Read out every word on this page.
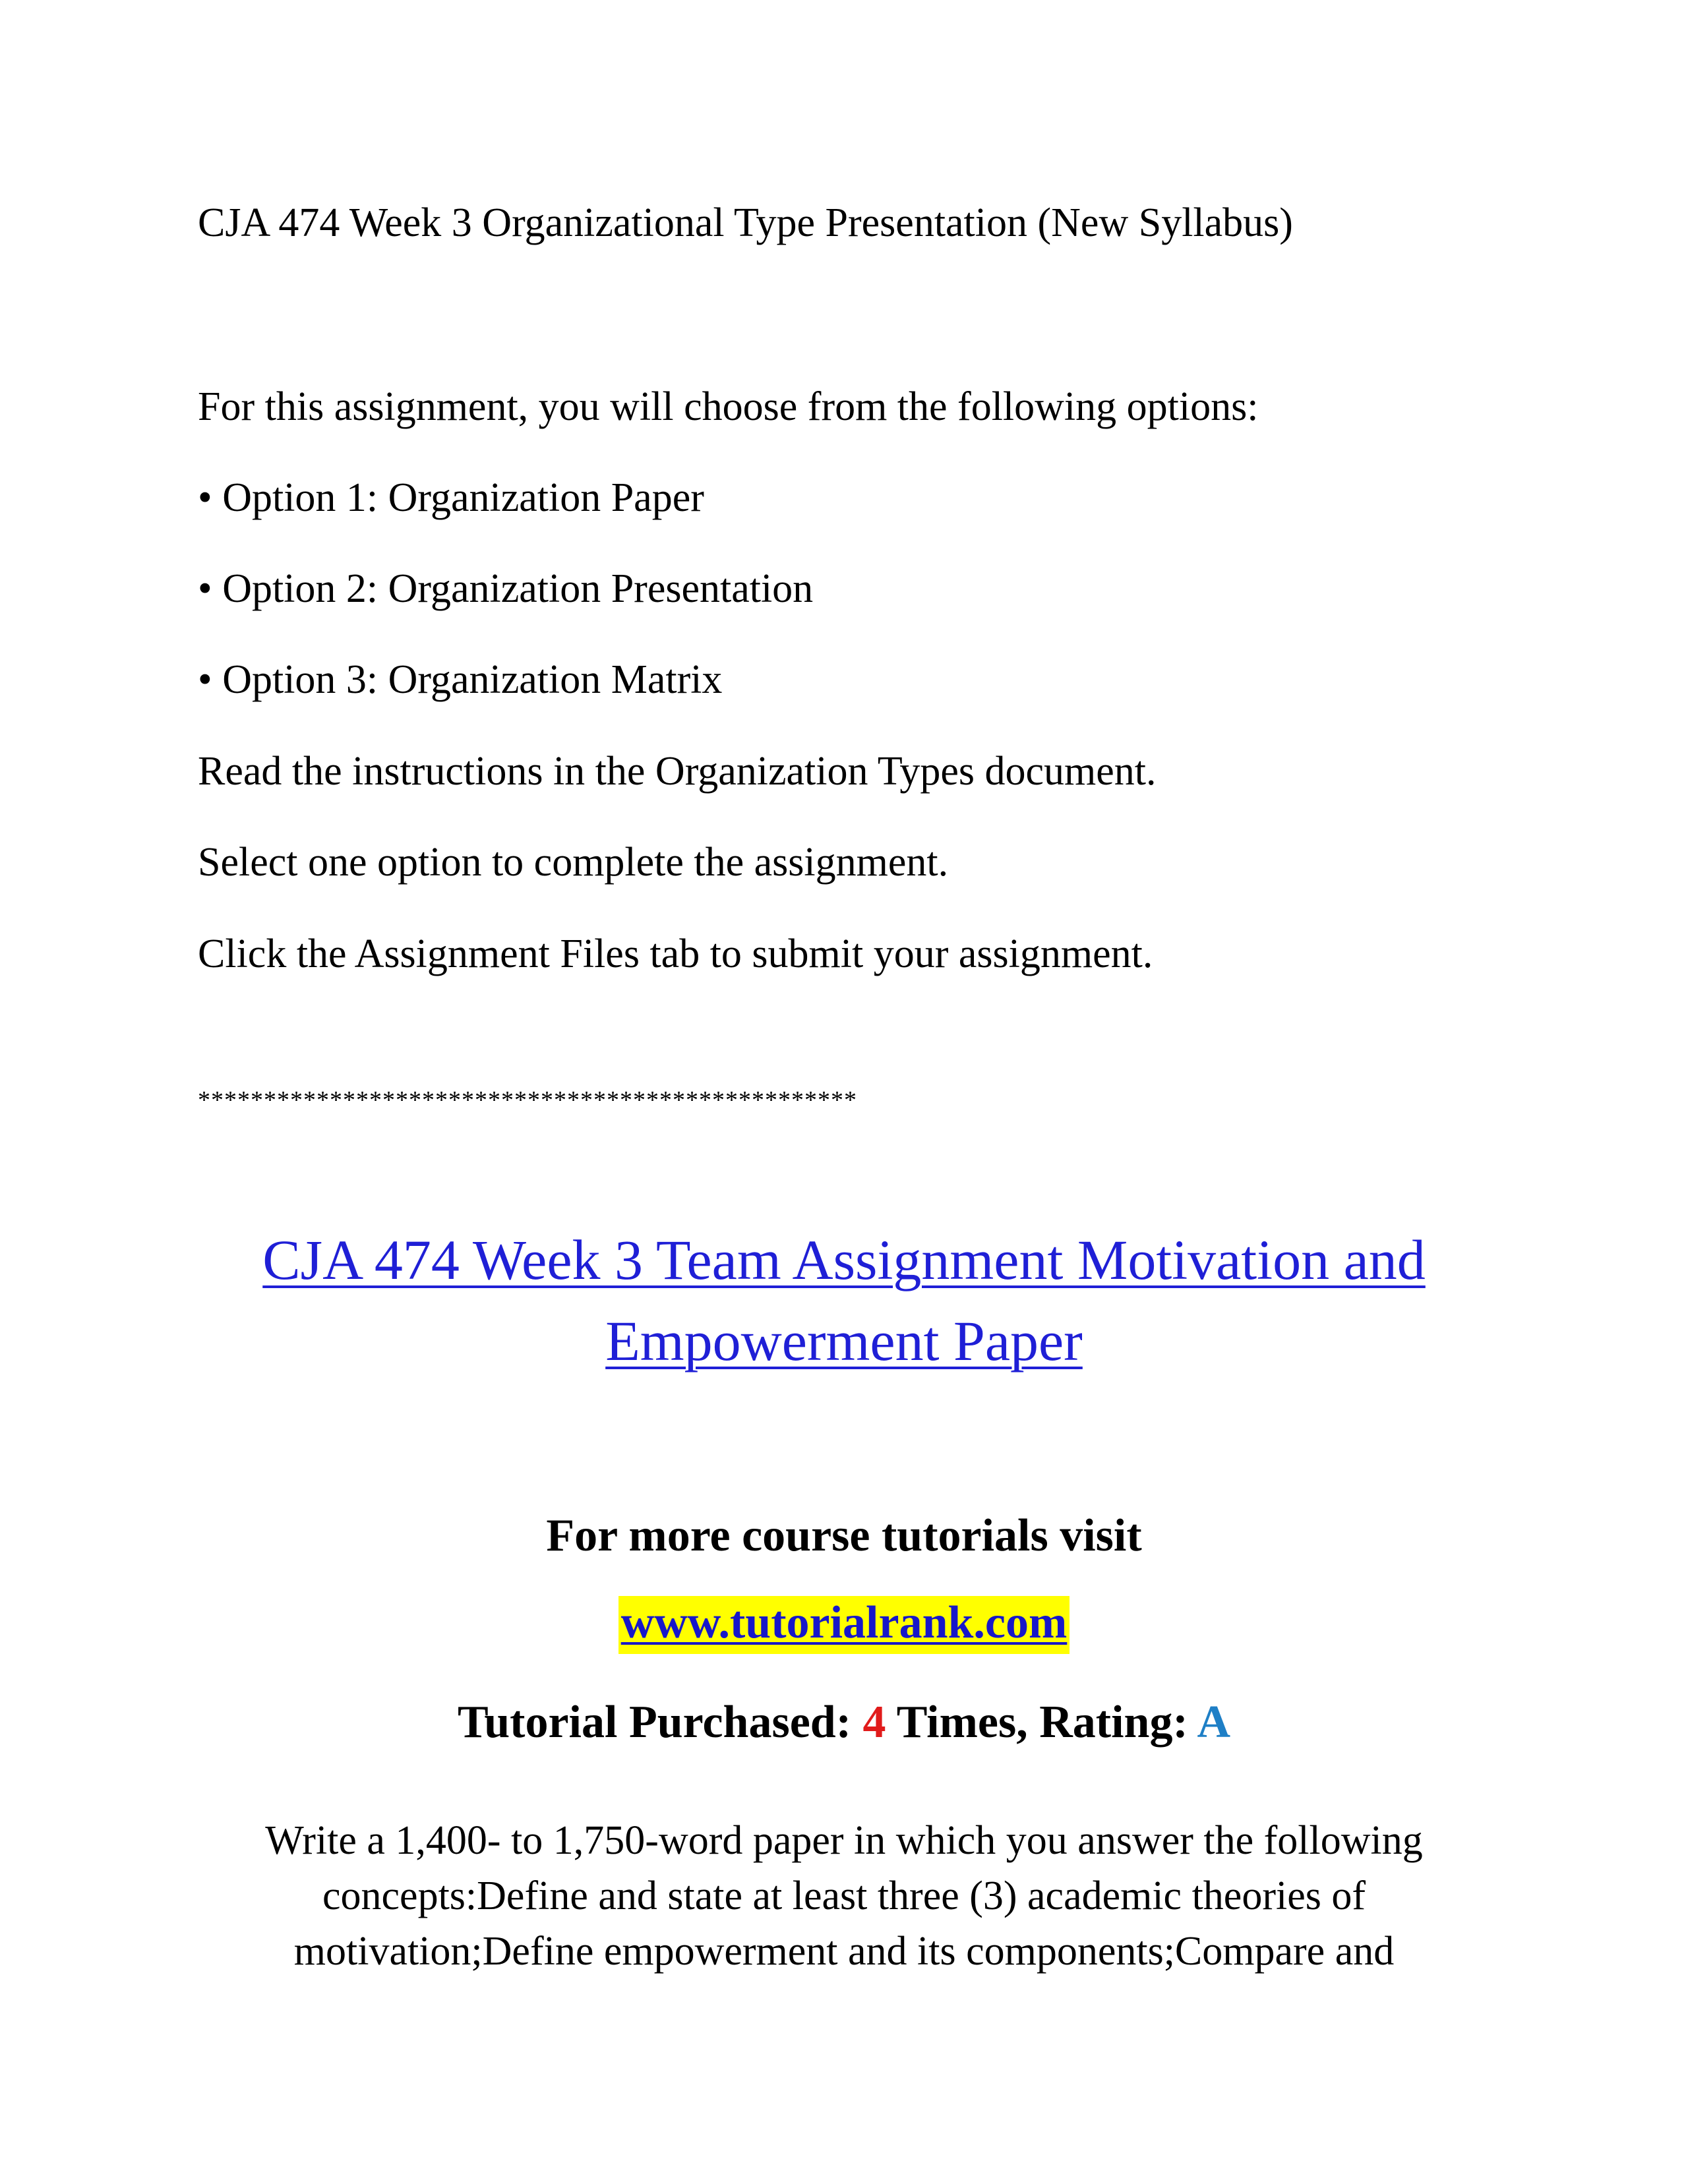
CJA 474 Week 3 Organizational Type Presentation (New Syllabus)
For this assignment, you will choose from the following options:
• Option 1: Organization Paper
• Option 2: Organization Presentation
• Option 3: Organization Matrix
Read the instructions in the Organization Types document.
Select one option to complete the assignment.
Click the Assignment Files tab to submit your assignment.
**************************************************
CJA 474 Week 3 Team Assignment Motivation and
Empowerment Paper
For more course tutorials visit
www.tutorialrank.com
Tutorial Purchased: 4 Times, Rating: A
Write a 1,400- to 1,750-word paper in which you answer the following
concepts:Define and state at least three (3) academic theories of
motivation;Define empowerment and its components;Compare and
